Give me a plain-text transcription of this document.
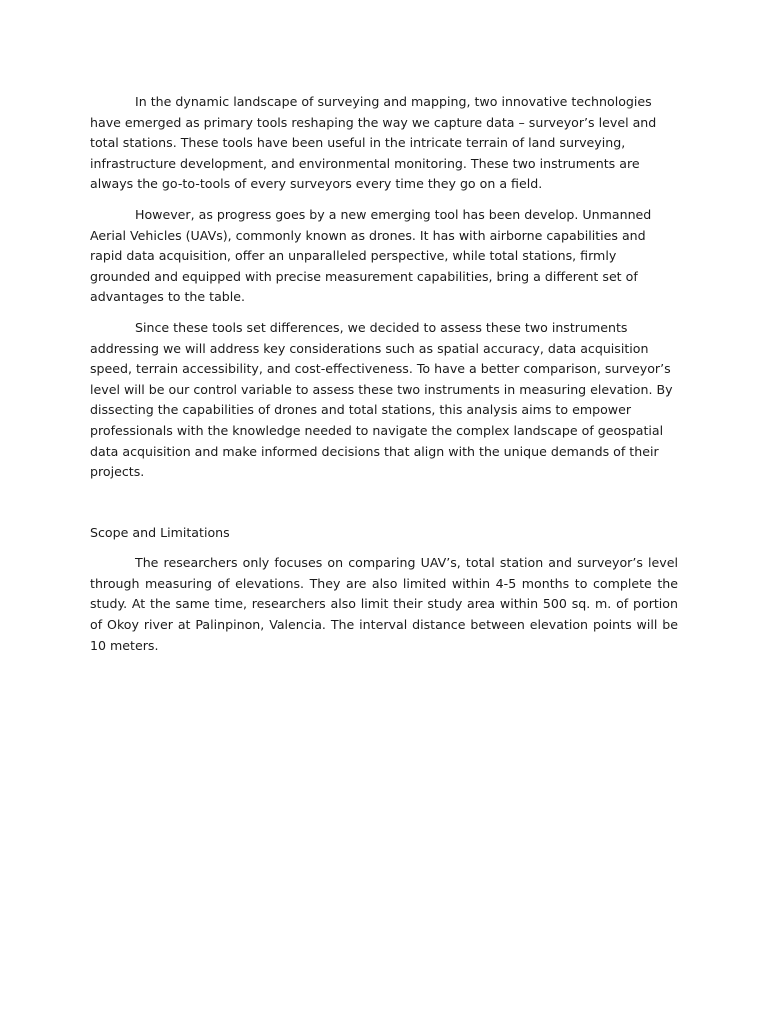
In the dynamic landscape of surveying and mapping, two innovative technologies have emerged as primary tools reshaping the way we capture data – surveyor’s level and total stations. These tools have been useful in the intricate terrain of land surveying, infrastructure development, and environmental monitoring. These two instruments are always the go-to-tools of every surveyors every time they go on a field.

However, as progress goes by a new emerging tool has been develop. Unmanned Aerial Vehicles (UAVs), commonly known as drones. It has with airborne capabilities and rapid data acquisition, offer an unparalleled perspective, while total stations, firmly grounded and equipped with precise measurement capabilities, bring a different set of advantages to the table.

Since these tools set differences, we decided to assess these two instruments addressing we will address key considerations such as spatial accuracy, data acquisition speed, terrain accessibility, and cost-effectiveness. To have a better comparison, surveyor’s level will be our control variable to assess these two instruments in measuring elevation. By dissecting the capabilities of drones and total stations, this analysis aims to empower professionals with the knowledge needed to navigate the complex landscape of geospatial data acquisition and make informed decisions that align with the unique demands of their projects.

Scope and Limitations

The researchers only focuses on comparing UAV’s, total station and surveyor’s level through measuring of elevations. They are also limited within 4-5 months to complete the study. At the same time, researchers also limit their study area within 500 sq. m. of portion of Okoy river at Palinpinon, Valencia. The interval distance between elevation points will be 10 meters.
